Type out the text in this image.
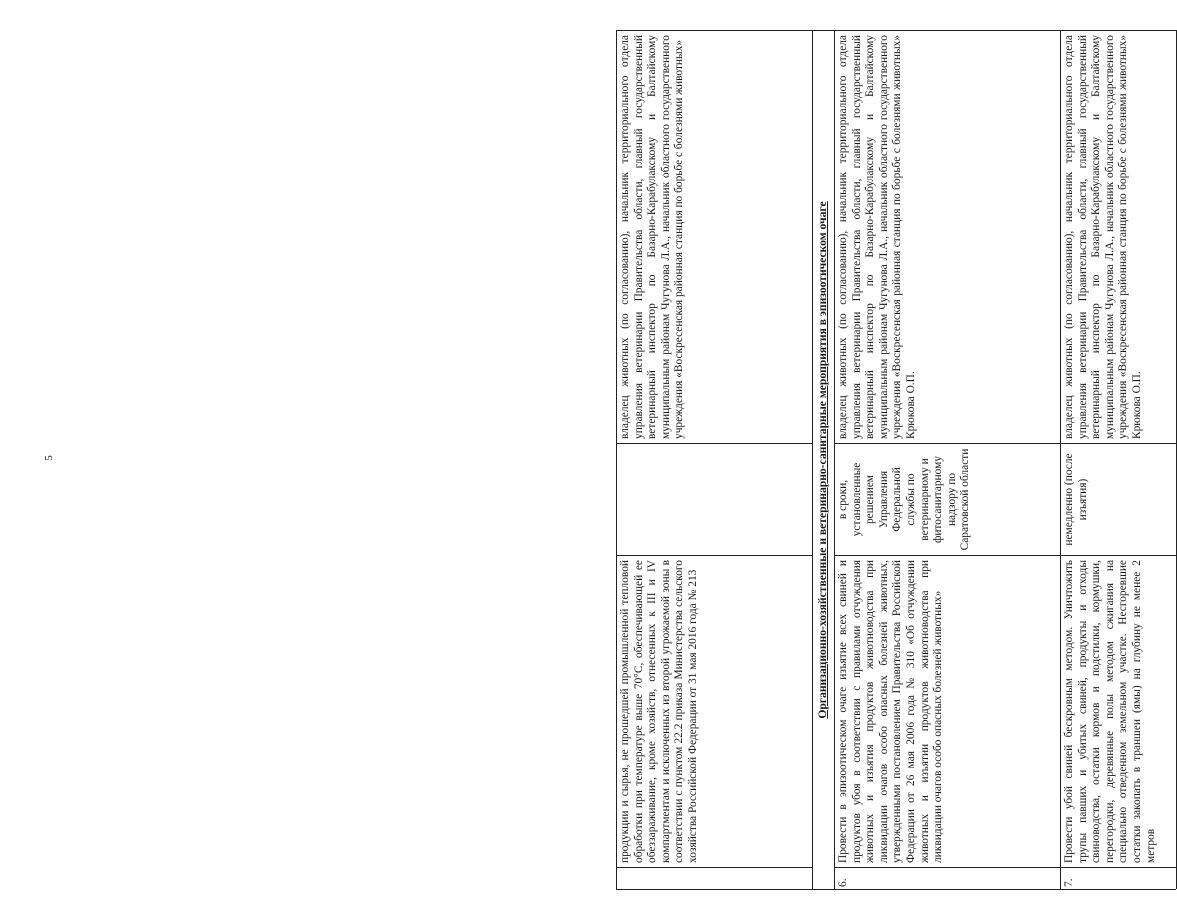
5
продукции и сырья, не прошедшей промышленной тепловой обработки при температуре выше 70°С, обеспечивающей ее обеззараживание, кроме хозяйств, отнесенных к III и IV компартментам и исключенных из второй угрожаемой зоны в соответствии с пунктом 22.2 приказа Министерства сельского хозяйства Российской Федерации от 31 мая 2016 года № 213
владелец животных (по согласованию), начальник территориального отдела управления ветеринарии Правительства области, главный государственный ветеринарный инспектор по Базарно-Карабулакскому и Балтайскому муниципальным районам Чугунова Л.А., начальник областного государственного учреждения «Воскресенская районная станция по борьбе с болезнями животных»	Организационно-хозяйственные и ветеринарно-санитарные мероприятия в эпизоотическом очаге
6.
Провести в эпизоотическом очаге изъятие всех свиней и продуктов убоя в соответствии с правилами отчуждения животных и изъятия продуктов животноводства при ликвидации очагов особо опасных болезней животных, утвержденными постановлением Правительства Российской Федерации от 26 мая 2006 года № 310 «Об отчуждении животных и изъятии продуктов животноводства при ликвидации очагов особо опасных болезней животных»
в сроки, установленные решением Управления Федеральной службы по ветеринарному и фитосанитарному надзору по Саратовской области
владелец животных (по согласованию), начальник территориального отдела управления ветеринарии Правительства области, главный государственный ветеринарный инспектор по Базарно-Карабулакскому и Балтайскому муниципальным районам Чугунова Л.А., начальник областного государственного учреждения «Воскресенская районная станция по борьбе с болезнями животных» Крюкова О.П.
7.
Провести убой свиней бескровным методом. Уничтожить трупы павших и убитых свиней, продукты и отходы свиноводства, остатки кормов и подстилки, кормушки, перегородки, деревянные полы методом сжигания на специально отведенном земельном участке. Несгоревшие остатки закопать в траншеи (ямы) на глубину не менее 2 метров
немедленно (после изъятия)
владелец животных (по согласованию), начальник территориального отдела управления ветеринарии Правительства области, главный государственный ветеринарный инспектор по Базарно-Карабулакскому и Балтайскому муниципальным районам Чугунова Л.А., начальник областного государственного учреждения «Воскресенская районная станция по борьбе с болезнями животных» Крюкова О.П.
